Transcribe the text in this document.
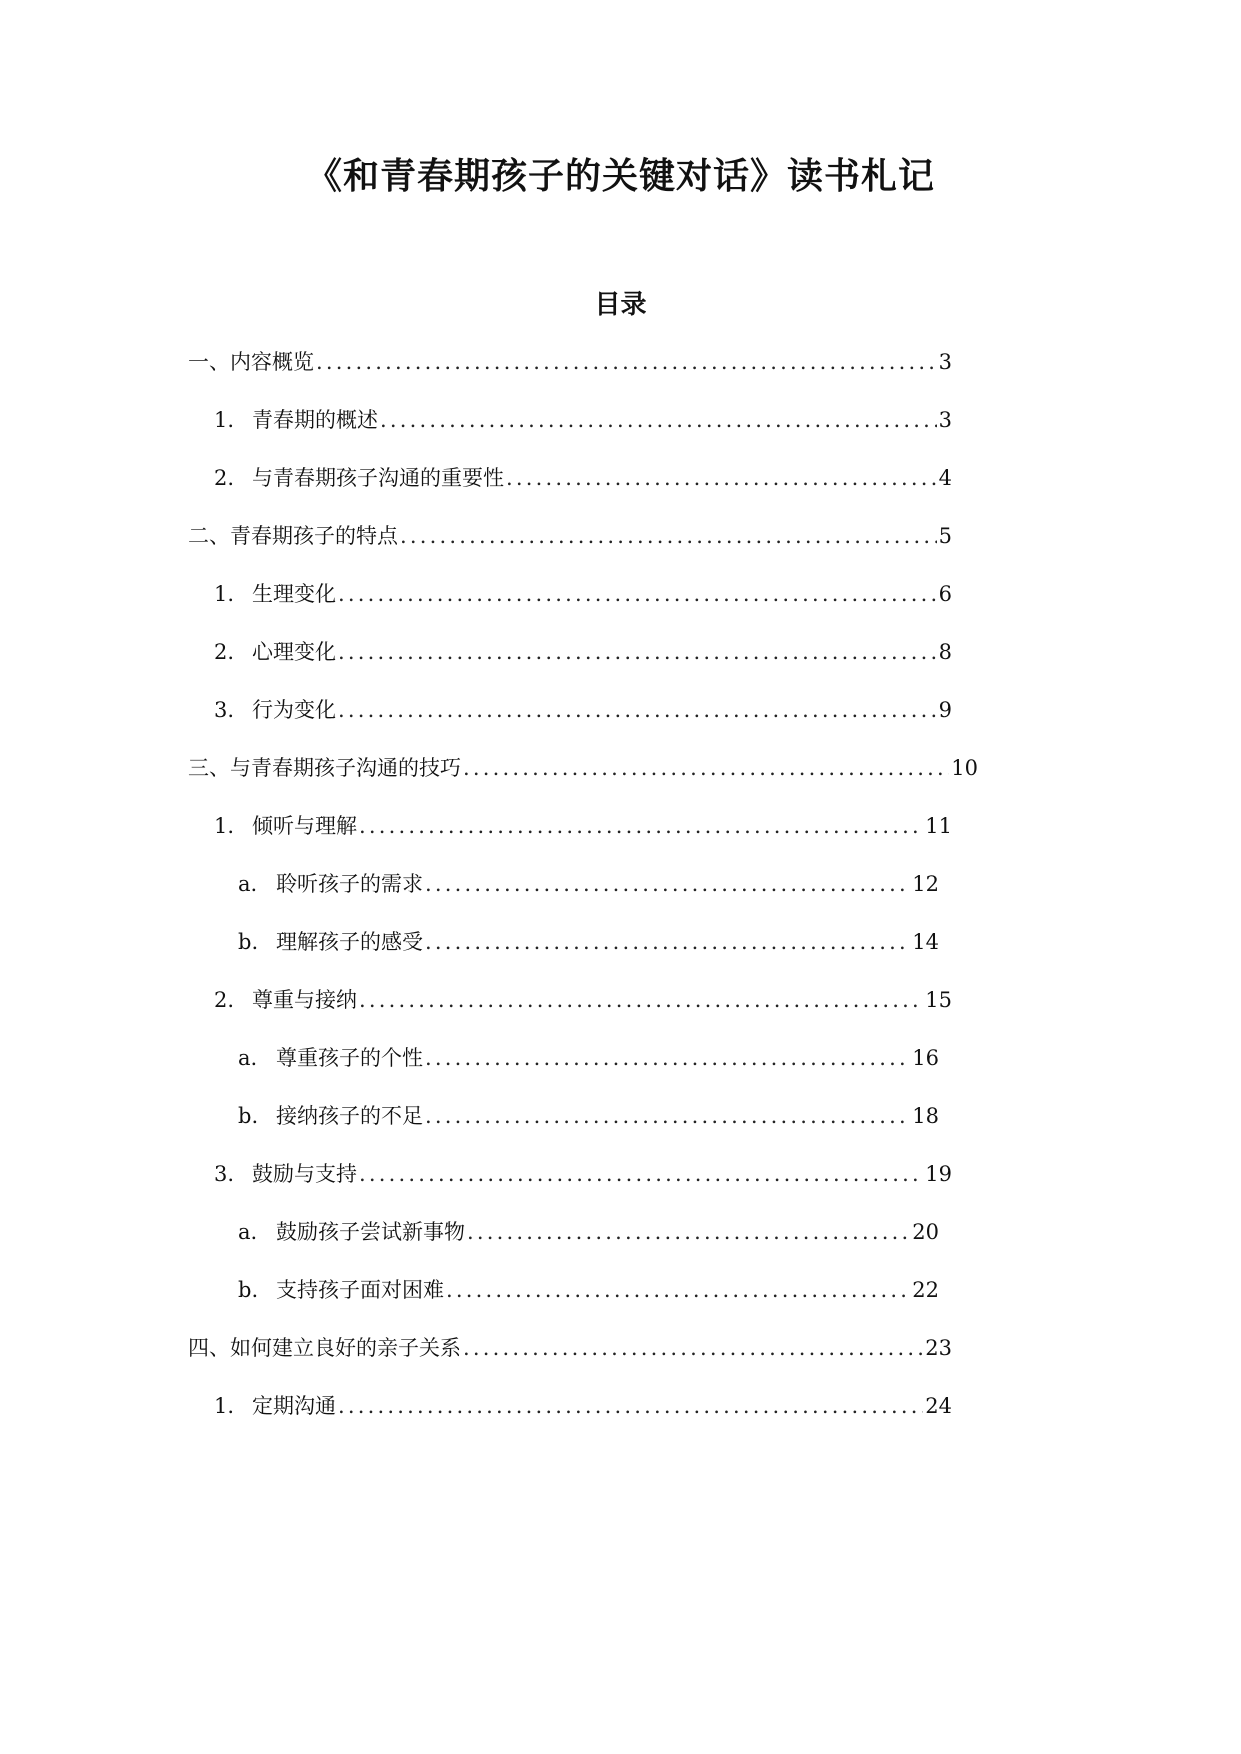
《和青春期孩子的关键对话》读书札记
目录
一、内容概览 .....	3
1. 青春期的概述 .....	3
2. 与青春期孩子沟通的重要性 .....	4
二、青春期孩子的特点 .....	5
1. 生理变化 .....	6
2. 心理变化 .....	8
3. 行为变化 .....	9
三、与青春期孩子沟通的技巧 .....	10
1. 倾听与理解 .....	11
a. 聆听孩子的需求 .....	12
b. 理解孩子的感受 .....	14
2. 尊重与接纳 .....	15
a. 尊重孩子的个性 .....	16
b. 接纳孩子的不足 .....	18
3. 鼓励与支持 .....	19
a. 鼓励孩子尝试新事物 .....	20
b. 支持孩子面对困难 .....	22
四、如何建立良好的亲子关系 .....	23
1. 定期沟通 .....	24
